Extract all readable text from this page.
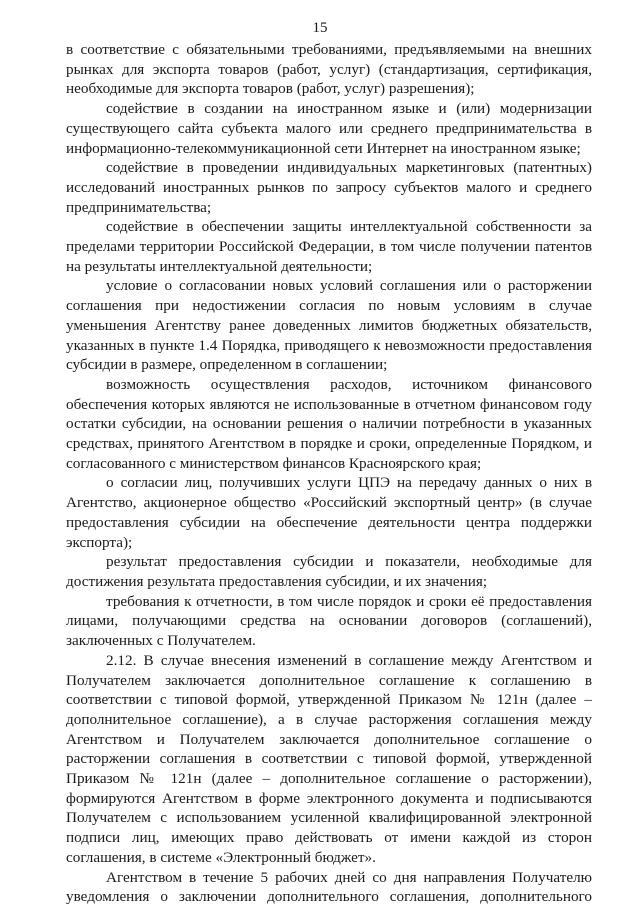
15

в соответствие с обязательными требованиями, предъявляемыми на внешних рынках для экспорта товаров (работ, услуг) (стандартизация, сертификация, необходимые для экспорта товаров (работ, услуг) разрешения);

содействие в создании на иностранном языке и (или) модернизации существующего сайта субъекта малого или среднего предпринимательства в информационно-телекоммуникационной сети Интернет на иностранном языке;

содействие в проведении индивидуальных маркетинговых (патентных) исследований иностранных рынков по запросу субъектов малого и среднего предпринимательства;

содействие в обеспечении защиты интеллектуальной собственности за пределами территории Российской Федерации, в том числе получении патентов на результаты интеллектуальной деятельности;

условие о согласовании новых условий соглашения или о расторжении соглашения при недостижении согласия по новым условиям в случае уменьшения Агентству ранее доведенных лимитов бюджетных обязательств, указанных в пункте 1.4 Порядка, приводящего к невозможности предоставления субсидии в размере, определенном в соглашении;

возможность осуществления расходов, источником финансового обеспечения которых являются не использованные в отчетном финансовом году остатки субсидии, на основании решения о наличии потребности в указанных средствах, принятого Агентством в порядке и сроки, определенные Порядком, и согласованного с министерством финансов Красноярского края;

о согласии лиц, получивших услуги ЦПЭ на передачу данных о них в Агентство, акционерное общество «Российский экспортный центр» (в случае предоставления субсидии на обеспечение деятельности центра поддержки экспорта);

результат предоставления субсидии и показатели, необходимые для достижения результата предоставления субсидии, и их значения;

требования к отчетности, в том числе порядок и сроки её предоставления лицами, получающими средства на основании договоров (соглашений), заключенных с Получателем.

2.12. В случае внесения изменений в соглашение между Агентством и Получателем заключается дополнительное соглашение к соглашению в соответствии с типовой формой, утвержденной Приказом № 121н (далее – дополнительное соглашение), а в случае расторжения соглашения между Агентством и Получателем заключается дополнительное соглашение о расторжении соглашения в соответствии с типовой формой, утвержденной Приказом № 121н (далее – дополнительное соглашение о расторжении), формируются Агентством в форме электронного документа и подписываются Получателем с использованием усиленной квалифицированной электронной подписи лиц, имеющих право действовать от имени каждой из сторон соглашения, в системе «Электронный бюджет».

Агентством в течение 5 рабочих дней со дня направления Получателю уведомления о заключении дополнительного соглашения, дополнительного
